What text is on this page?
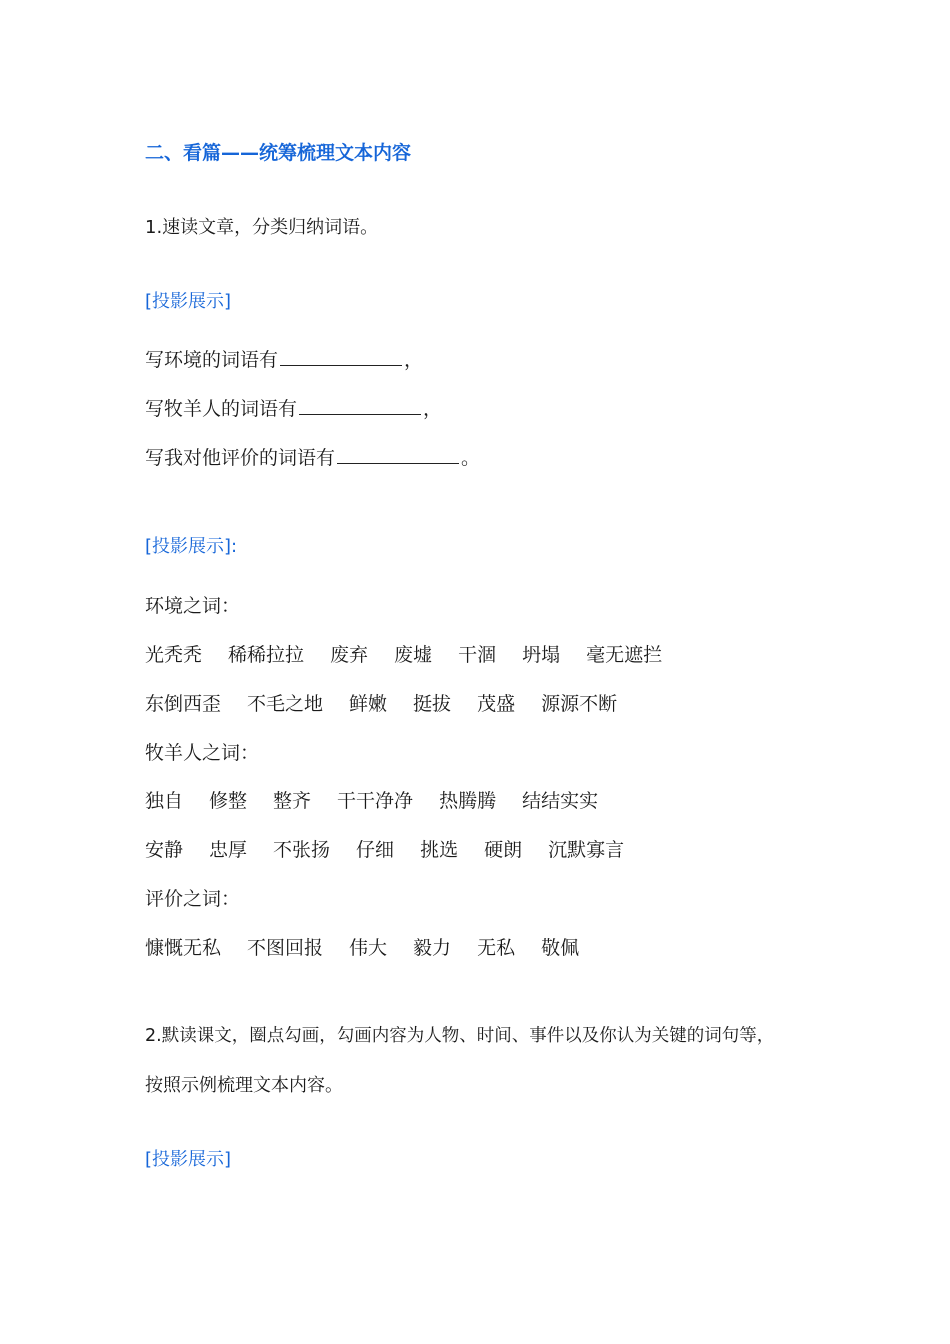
二、看篇——统筹梳理文本内容
1.速读文章，分类归纳词语。
[投影展示]
写环境的词语有	，
写牧羊人的词语有	，
写我对他评价的词语有	。
[投影展示]:
环境之词：
光秃秃 稀稀拉拉 废弃 废墟 干涸 坍塌 毫无遮拦
东倒西歪 不毛之地 鲜嫩 挺拔 茂盛 源源不断
牧羊人之词：
独自 修整 整齐 干干净净 热腾腾 结结实实
安静 忠厚 不张扬 仔细 挑选 硬朗 沉默寡言
评价之词：
慷慨无私 不图回报 伟大 毅力 无私 敬佩
2.默读课文，圈点勾画，勾画内容为人物、时间、事件以及你认为关键的词句等，
按照示例梳理文本内容。
[投影展示]
